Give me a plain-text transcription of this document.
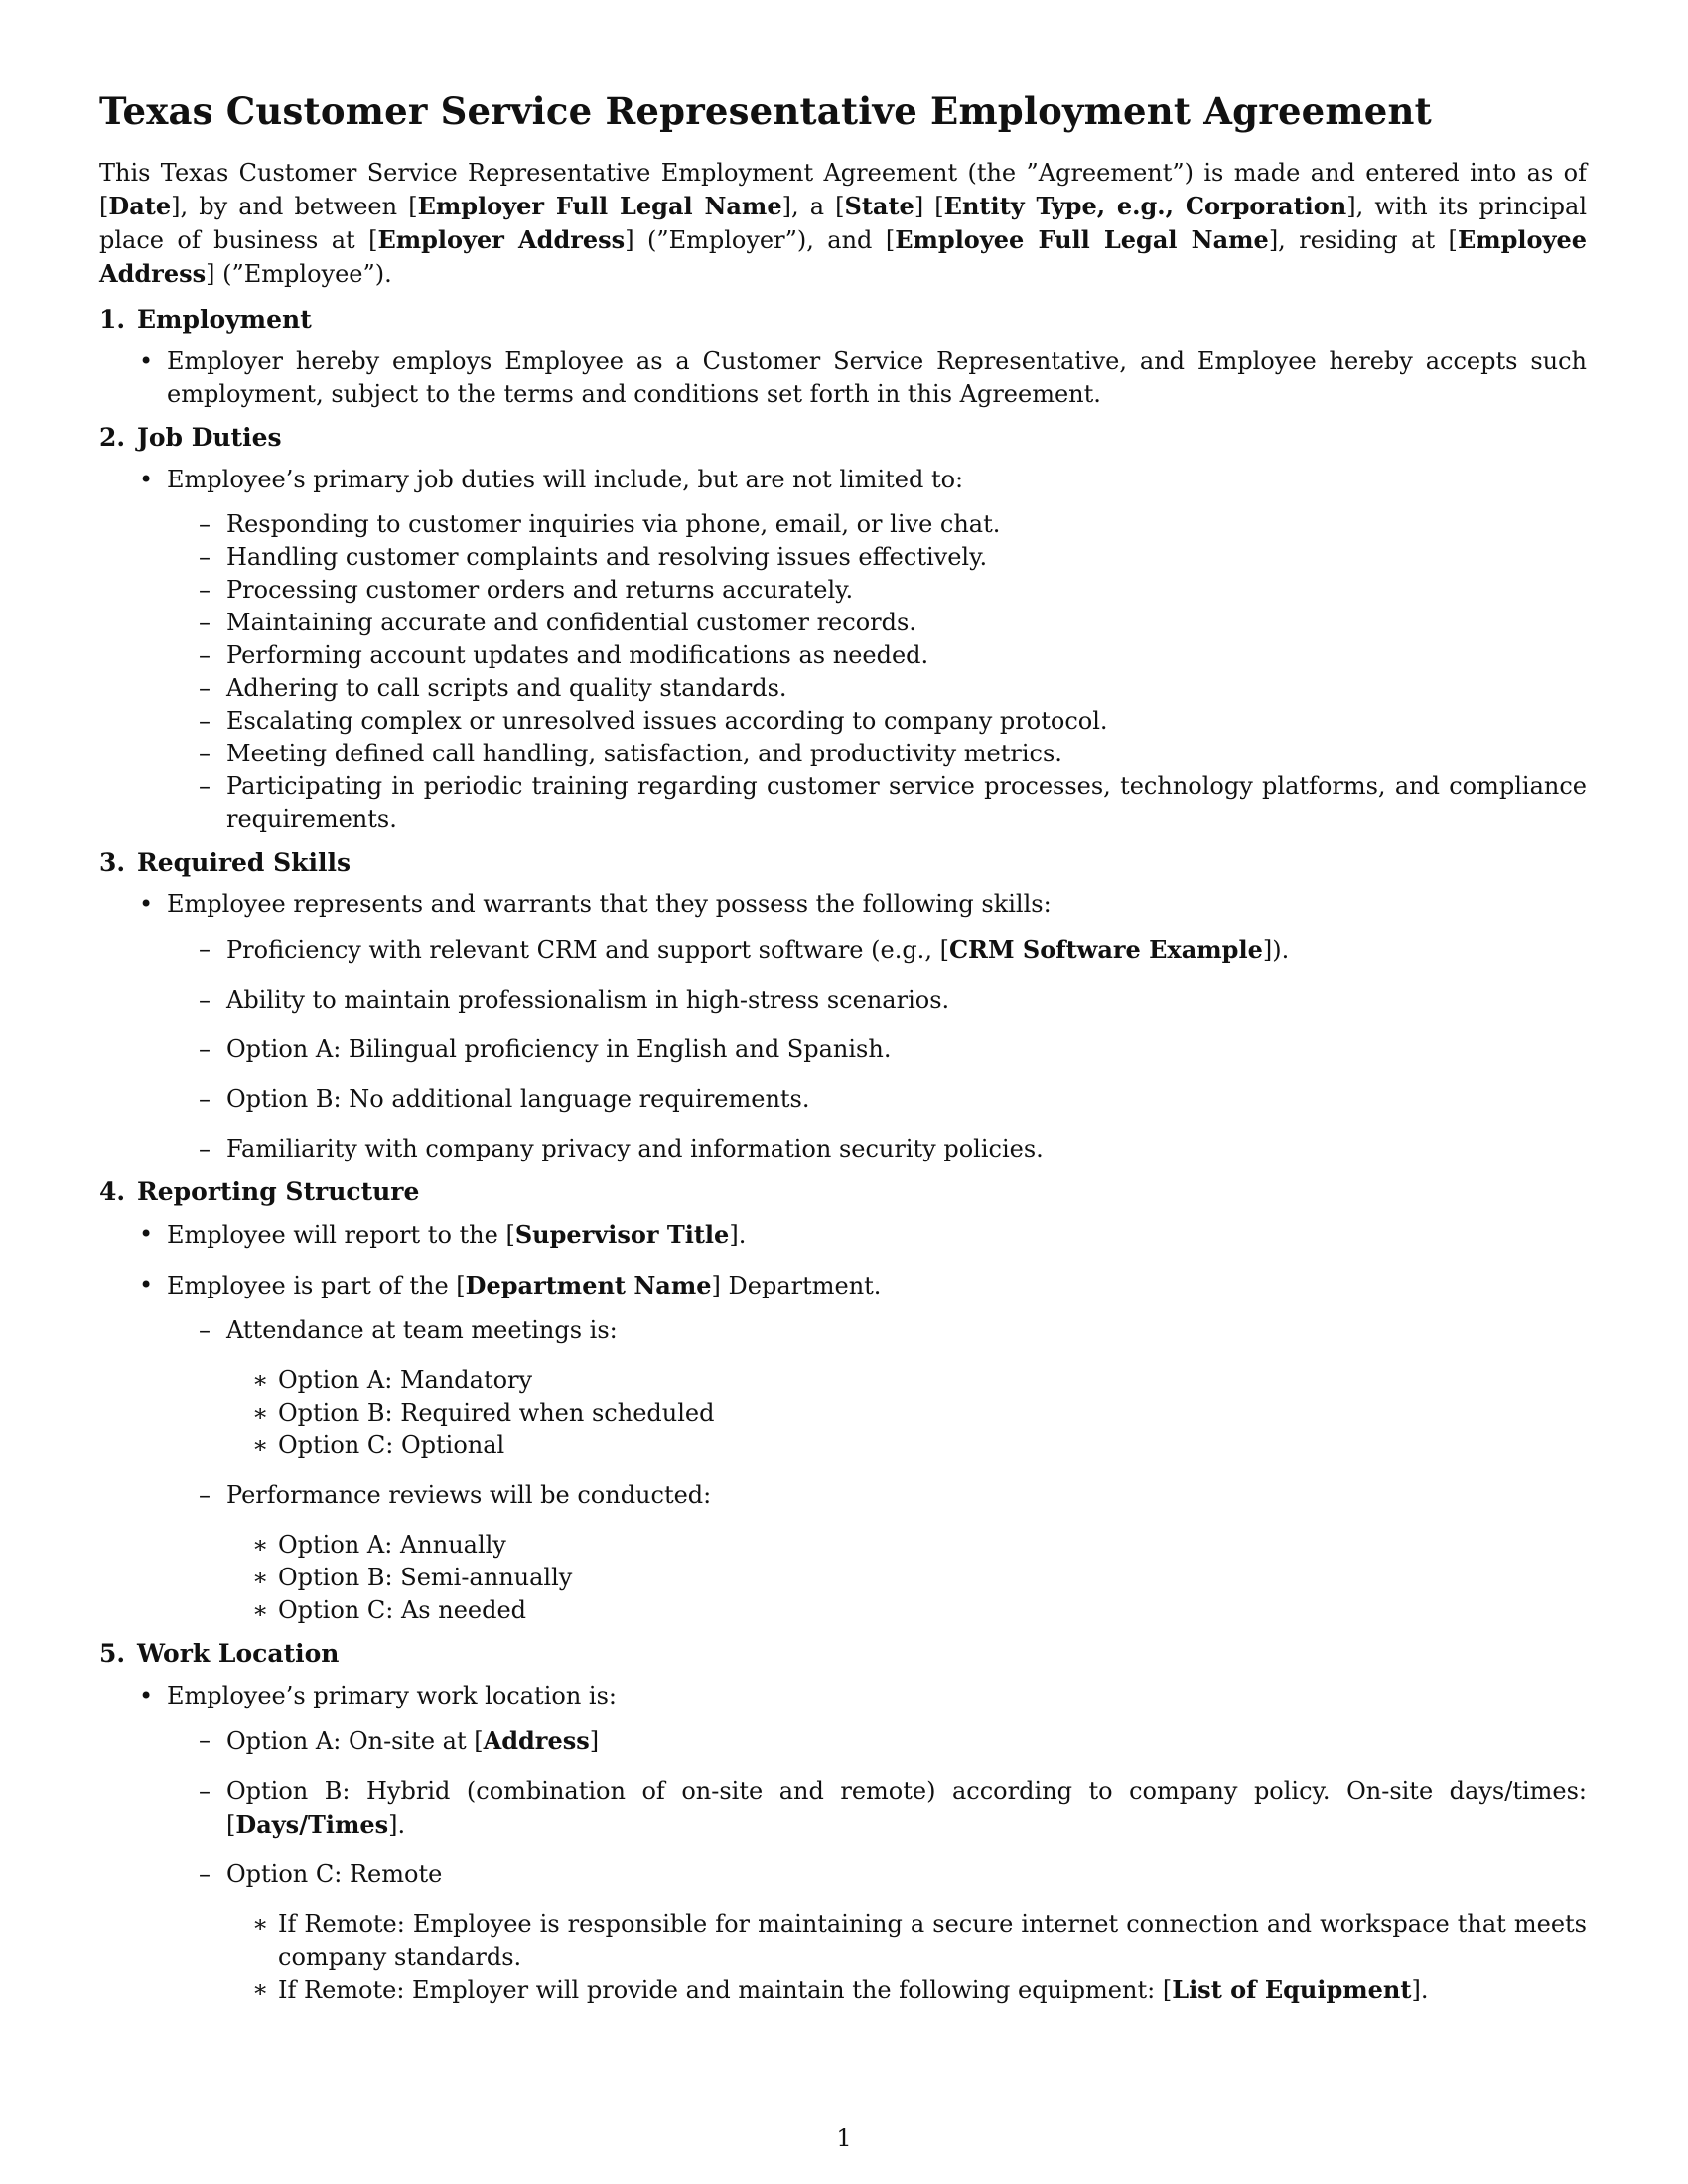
Texas Customer Service Representative Employment Agreement

This Texas Customer Service Representative Employment Agreement (the ”Agreement”) is made and entered into as of [Date], by and between [Employer Full Legal Name], a [State] [Entity Type, e.g., Corporation], with its principal place of business at [Employer Address] (”Employer”), and [Employee Full Legal Name], residing at [Employee Address] (”Employee”).

1. Employment
• Employer hereby employs Employee as a Customer Service Representative, and Employee hereby accepts such employment, subject to the terms and conditions set forth in this Agreement.
2. Job Duties
• Employee’s primary job duties will include, but are not limited to:
– Responding to customer inquiries via phone, email, or live chat.
– Handling customer complaints and resolving issues effectively.
– Processing customer orders and returns accurately.
– Maintaining accurate and confidential customer records.
– Performing account updates and modifications as needed.
– Adhering to call scripts and quality standards.
– Escalating complex or unresolved issues according to company protocol.
– Meeting defined call handling, satisfaction, and productivity metrics.
– Participating in periodic training regarding customer service processes, technology platforms, and compliance requirements.
3. Required Skills
• Employee represents and warrants that they possess the following skills:
– Proficiency with relevant CRM and support software (e.g., [CRM Software Example]).
– Ability to maintain professionalism in high-stress scenarios.
– Option A: Bilingual proficiency in English and Spanish.
– Option B: No additional language requirements.
– Familiarity with company privacy and information security policies.
4. Reporting Structure
• Employee will report to the [Supervisor Title].
• Employee is part of the [Department Name] Department.
– Attendance at team meetings is:
∗ Option A: Mandatory
∗ Option B: Required when scheduled
∗ Option C: Optional
– Performance reviews will be conducted:
∗ Option A: Annually
∗ Option B: Semi-annually
∗ Option C: As needed
5. Work Location
• Employee’s primary work location is:
– Option A: On-site at [Address]
– Option B: Hybrid (combination of on-site and remote) according to company policy. On-site days/times: [Days/Times].
– Option C: Remote
∗ If Remote: Employee is responsible for maintaining a secure internet connection and workspace that meets company standards.
∗ If Remote: Employer will provide and maintain the following equipment: [List of Equipment].
1
